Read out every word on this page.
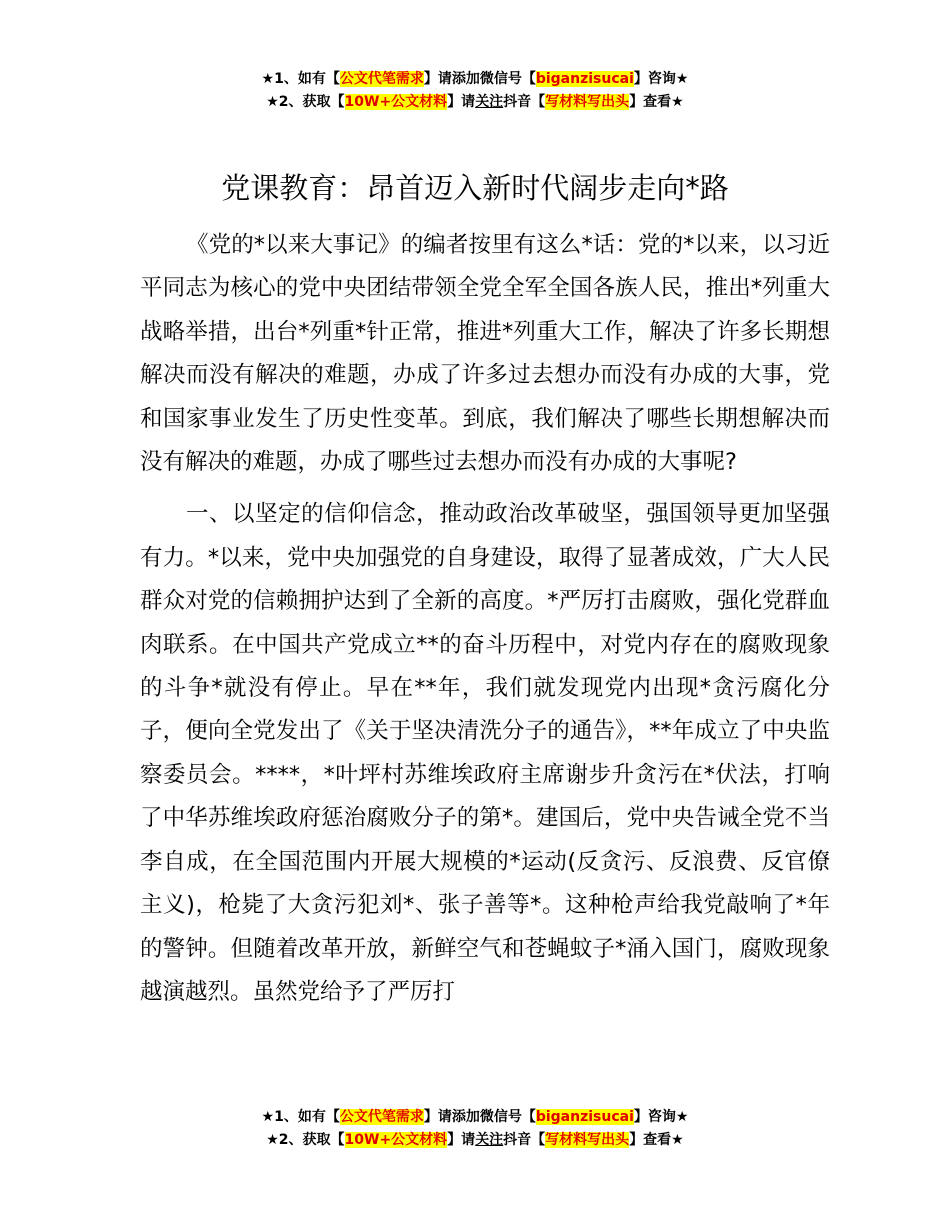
★1、如有【公文代笔需求】请添加微信号【biganzisucai】咨询★
★2、获取【10W+公文材料】请关注抖音【写材料写出头】查看★
党课教育：昂首迈入新时代阔步走向*路

《党的*以来大事记》的编者按里有这么*话：党的*以来，以习近平同志为核心的党中央团结带领全党全军全国各族人民，推出*列重大战略举措，出台*列重*针正常，推进*列重大工作，解决了许多长期想解决而没有解决的难题，办成了许多过去想办而没有办成的大事，党和国家事业发生了历史性变革。到底，我们解决了哪些长期想解决而没有解决的难题，办成了哪些过去想办而没有办成的大事呢?

一、以坚定的信仰信念，推动政治改革破坚，强国领导更加坚强有力。*以来，党中央加强党的自身建设，取得了显著成效，广大人民群众对党的信赖拥护达到了全新的高度。*严厉打击腐败，强化党群血肉联系。在中国共产党成立**的奋斗历程中，对党内存在的腐败现象的斗争*就没有停止。早在**年，我们就发现党内出现*贪污腐化分子，便向全党发出了《关于坚决清洗分子的通告》，**年成立了中央监察委员会。****，*叶坪村苏维埃政府主席谢步升贪污在*伏法，打响了中华苏维埃政府惩治腐败分子的第*。建国后，党中央告诫全党不当李自成，在全国范围内开展大规模的*运动(反贪污、反浪费、反官僚主义)，枪毙了大贪污犯刘*、张子善等*。这种枪声给我党敲响了*年的警钟。但随着改革开放，新鲜空气和苍蝇蚊子*涌入国门，腐败现象越演越烈。虽然党给予了严厉打

★1、如有【公文代笔需求】请添加微信号【biganzisucai】咨询★
★2、获取【10W+公文材料】请关注抖音【写材料写出头】查看★
